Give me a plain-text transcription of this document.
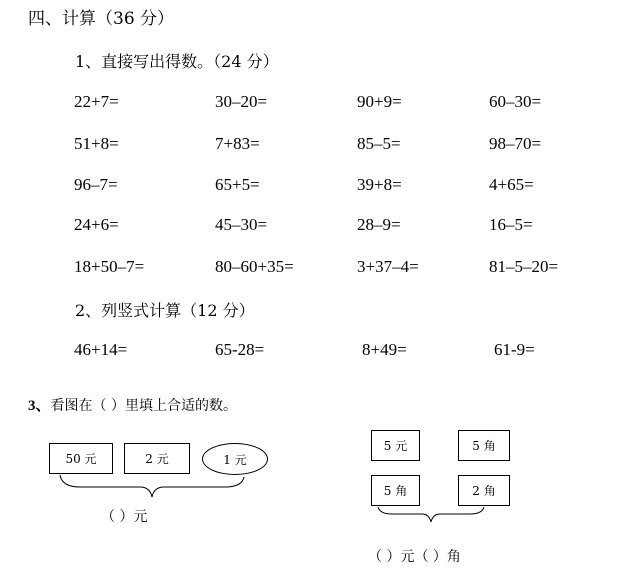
四、计算（36 分）
1、直接写出得数。（24 分）
22+7=	30–20=	90+9=	60–30=
51+8=	7+83=	85–5=	98–70=
96–7=	65+5=	39+8=	4+65=
24+6=	45–30=	28–9=	16–5=
18+50–7=	80–60+35=	3+37–4=	81–5–20=
2、列竖式计算（12 分）
46+14=	65-28=	8+49=	61-9=
3、看图在（ ）里填上合适的数。
50 元	2 元	1 元
（ ）元
5 元	5 角
5 角	2 角
（ ）元（ ）角
